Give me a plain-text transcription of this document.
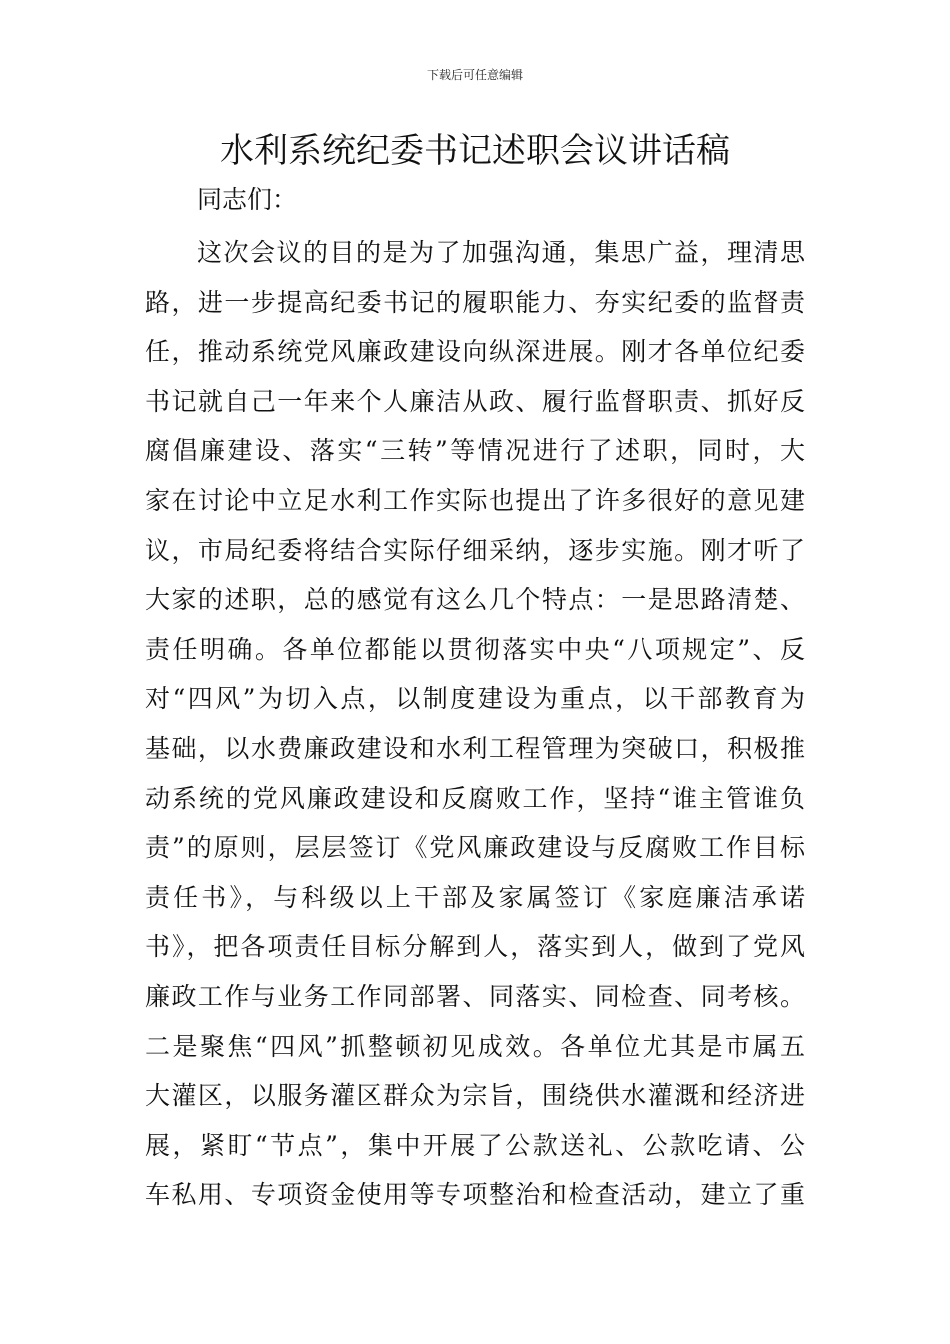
下载后可任意编辑
水利系统纪委书记述职会议讲话稿
同志们：
这次会议的目的是为了加强沟通，集思广益，理清思
路，进一步提高纪委书记的履职能力、夯实纪委的监督责
任，推动系统党风廉政建设向纵深进展。刚才各单位纪委
书记就自己一年来个人廉洁从政、履行监督职责、抓好反
腐倡廉建设、落实“三转”等情况进行了述职，同时，大
家在讨论中立足水利工作实际也提出了许多很好的意见建
议，市局纪委将结合实际仔细采纳，逐步实施。刚才听了
大家的述职，总的感觉有这么几个特点：一是思路清楚、
责任明确。各单位都能以贯彻落实中央“八项规定”、反
对“四风”为切入点，以制度建设为重点，以干部教育为
基础，以水费廉政建设和水利工程管理为突破口，积极推
动系统的党风廉政建设和反腐败工作，坚持“谁主管谁负
责”的原则，层层签订《党风廉政建设与反腐败工作目标
责任书》，与科级以上干部及家属签订《家庭廉洁承诺
书》，把各项责任目标分解到人，落实到人，做到了党风
廉政工作与业务工作同部署、同落实、同检查、同考核。
二是聚焦“四风”抓整顿初见成效。各单位尤其是市属五
大灌区，以服务灌区群众为宗旨，围绕供水灌溉和经济进
展，紧盯“节点”，集中开展了公款送礼、公款吃请、公
车私用、专项资金使用等专项整治和检查活动，建立了重
